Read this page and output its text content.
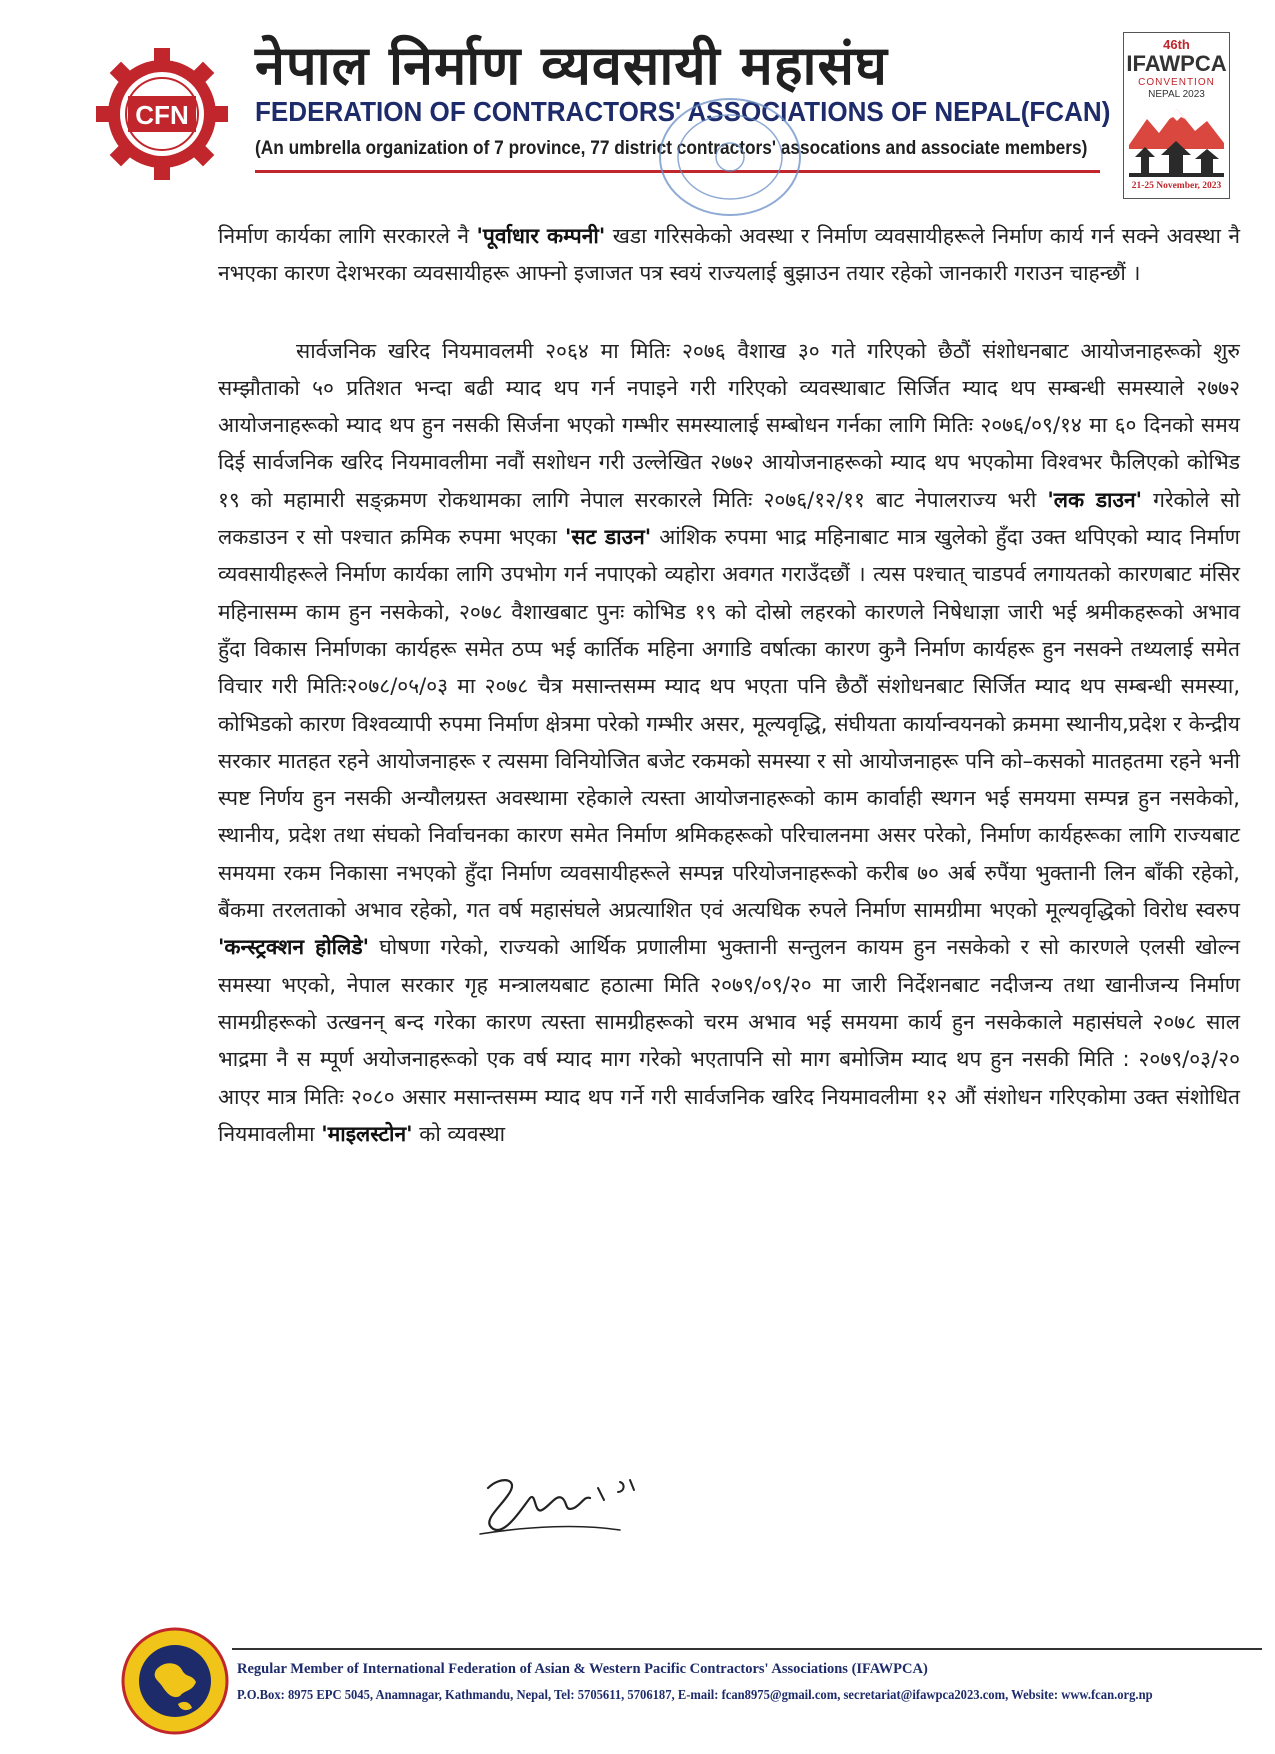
CFN
नेपाल निर्माण व्यवसायी महासंघ
FEDERATION OF CONTRACTORS' ASSOCIATIONS OF NEPAL(FCAN)

(An umbrella organization of 7 province, 77 district contractors' assocations and associate members)

46th
IFAWPCA
CONVENTION
NEPAL 2023
21-25 November, 2023

निर्माण कार्यका लागि सरकारले नै 'पूर्वाधार कम्पनी' खडा गरिसकेको अवस्था र निर्माण व्यवसायीहरूले निर्माण कार्य गर्न सक्ने अवस्था नै नभएका कारण देशभरका व्यवसायीहरू आफ्नो इजाजत पत्र स्वयं राज्यलाई बुझाउन तयार रहेको जानकारी गराउन चाहन्छौं ।

सार्वजनिक खरिद नियमावलमी २०६४ मा मितिः २०७६ वैशाख ३० गते गरिएको छैठौं संशोधनबाट आयोजनाहरूको शुरु सम्झौताको ५० प्रतिशत भन्दा बढी म्याद थप गर्न नपाइने गरी गरिएको व्यवस्थाबाट सिर्जित म्याद थप सम्बन्धी समस्याले २७७२ आयोजनाहरूको म्याद थप हुन नसकी सिर्जना भएको गम्भीर समस्यालाई सम्बोधन गर्नका लागि मितिः २०७६/०९/१४ मा ६० दिनको समय दिई सार्वजनिक खरिद नियमावलीमा नवौं सशोधन गरी उल्लेखित २७७२ आयोजनाहरूको म्याद थप भएकोमा विश्वभर फैलिएको कोभिड १९ को महामारी सङ्क्रमण रोकथामका लागि नेपाल सरकारले मितिः २०७६/१२/११ बाट नेपालराज्य भरी 'लक डाउन' गरेकोले सो लकडाउन र सो पश्चात क्रमिक रुपमा भएका 'सट डाउन' आंशिक रुपमा भाद्र महिनाबाट मात्र खुलेको हुँदा उक्त थपिएको म्याद निर्माण व्यवसायीहरूले निर्माण कार्यका लागि उपभोग गर्न नपाएको व्यहोरा अवगत गराउँदछौं । त्यस पश्चात् चाडपर्व लगायतको कारणबाट मंसिर महिनासम्म काम हुन नसकेको, २०७८ वैशाखबाट पुनः कोभिड १९ को दोस्रो लहरको कारणले निषेधाज्ञा जारी भई श्रमीकहरूको अभाव हुँदा विकास निर्माणका कार्यहरू समेत ठप्प भई कार्तिक महिना अगाडि वर्षात्का कारण कुनै निर्माण कार्यहरू हुन नसक्ने तथ्यलाई समेत विचार गरी मितिः२०७८/०५/०३ मा २०७८ चैत्र मसान्तसम्म म्याद थप भएता पनि छैठौं संशोधनबाट सिर्जित म्याद थप सम्बन्धी समस्या, कोभिडको कारण विश्वव्यापी रुपमा निर्माण क्षेत्रमा परेको गम्भीर असर, मूल्यवृद्धि, संघीयता कार्यान्वयनको क्रममा स्थानीय,प्रदेश र केन्द्रीय सरकार मातहत रहने आयोजनाहरू र त्यसमा विनियोजित बजेट रकमको समस्या र सो आयोजनाहरू पनि को–कसको मातहतमा रहने भनी स्पष्ट निर्णय हुन नसकी अन्यौलग्रस्त अवस्थामा रहेकाले त्यस्ता आयोजनाहरूको काम कार्वाही स्थगन भई समयमा सम्पन्न हुन नसकेको, स्थानीय, प्रदेश तथा संघको निर्वाचनका कारण समेत निर्माण श्रमिकहरूको परिचालनमा असर परेको, निर्माण कार्यहरूका लागि राज्यबाट समयमा रकम निकासा नभएको हुँदा निर्माण व्यवसायीहरूले सम्पन्न परियोजनाहरूको करीब ७० अर्ब रुपैंया भुक्तानी लिन बाँकी रहेको, बैंकमा तरलताको अभाव रहेको, गत वर्ष महासंघले अप्रत्याशित एवं अत्यधिक रुपले निर्माण सामग्रीमा भएको मूल्यवृद्धिको विरोध स्वरुप 'कन्स्ट्रक्शन होलिडे' घोषणा गरेको, राज्यको आर्थिक प्रणालीमा भुक्तानी सन्तुलन कायम हुन नसकेको र सो कारणले एलसी खोल्न समस्या भएको, नेपाल सरकार गृह मन्त्रालयबाट हठात्मा मिति २०७९/०९/२० मा जारी निर्देशनबाट नदीजन्य तथा खानीजन्य निर्माण सामग्रीहरूको उत्खनन् बन्द गरेका कारण त्यस्ता सामग्रीहरूको चरम अभाव भई समयमा कार्य हुन नसकेकाले महासंघले २०७८ साल भाद्रमा नै स म्पूर्ण अयोजनाहरूको एक वर्ष म्याद माग गरेको भएतापनि सो माग बमोजिम म्याद थप हुन नसकी मिति : २०७९/०३/२० आएर मात्र मितिः २०८० असार मसान्तसम्म म्याद थप गर्ने गरी सार्वजनिक खरिद नियमावलीमा १२ औं संशोधन गरिएकोमा उक्त संशोधित नियमावलीमा 'माइलस्टोन' को व्यवस्था

Regular Member of International Federation of Asian & Western Pacific Contractors' Associations (IFAWPCA)

P.O.Box: 8975 EPC 5045, Anamnagar, Kathmandu, Nepal, Tel: 5705611, 5706187, E-mail: fcan8975@gmail.com, secretariat@ifawpca2023.com, Website: www.fcan.org.np
